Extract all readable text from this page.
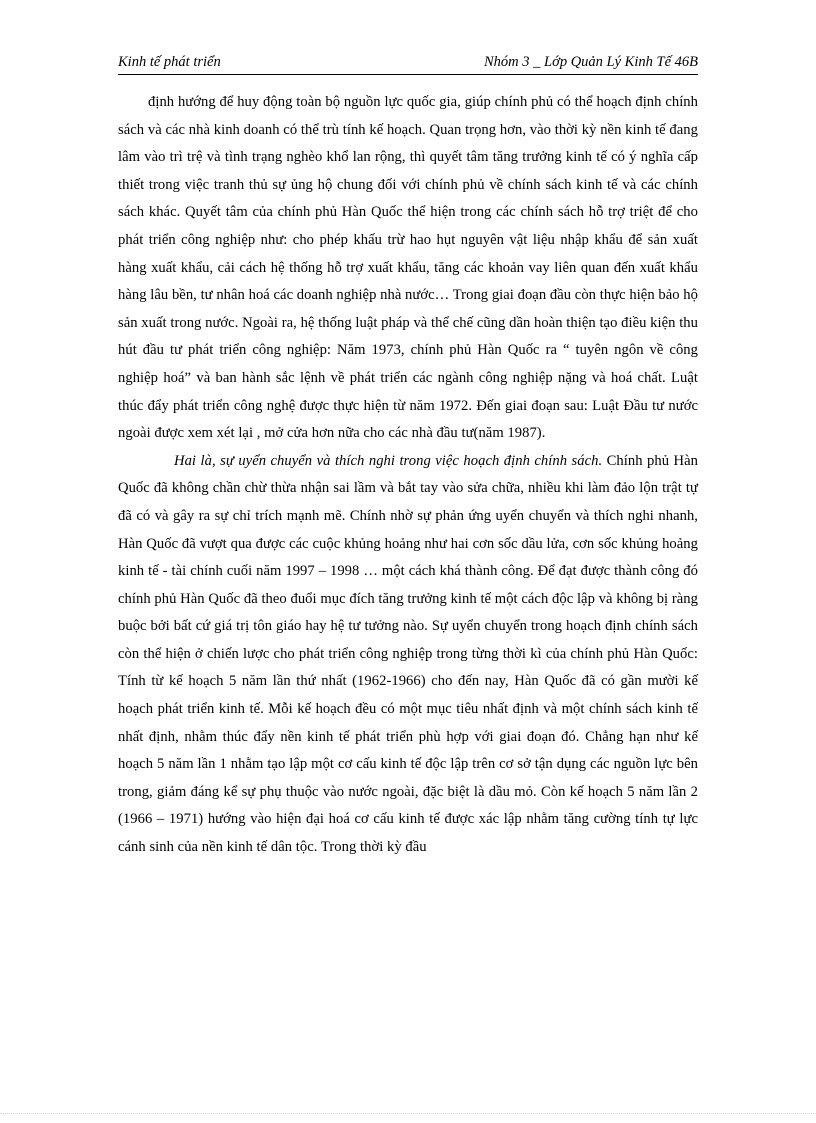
Kinh tế phát triển	Nhóm 3 _ Lớp Quản Lý Kinh Tế 46B

định hướng để huy động toàn bộ nguồn lực quốc gia, giúp chính phủ có thể hoạch định chính sách và các nhà kinh doanh có thể trù tính kế hoạch. Quan trọng hơn, vào thời kỳ nền kinh tế đang lâm vào trì trệ và tình trạng nghèo khổ lan rộng, thì quyết tâm tăng trưởng kinh tế có ý nghĩa cấp thiết trong việc tranh thủ sự ủng hộ chung đối với chính phủ về chính sách kinh tế và các chính sách khác. Quyết tâm của chính phủ Hàn Quốc thể hiện trong các chính sách hỗ trợ triệt để cho phát triển công nghiệp như: cho phép khấu trừ hao hụt nguyên vật liệu nhập khẩu để sản xuất hàng xuất khẩu, cải cách hệ thống hỗ trợ xuất khẩu, tăng các khoản vay liên quan đến xuất khẩu hàng lâu bền, tư nhân hoá các doanh nghiệp nhà nước… Trong giai đoạn đầu còn thực hiện bảo hộ sản xuất trong nước. Ngoài ra, hệ thống luật pháp và thể chế cũng dần hoàn thiện tạo điều kiện thu hút đầu tư phát triển công nghiệp: Năm 1973, chính phủ Hàn Quốc ra “ tuyên ngôn về công nghiệp hoá” và ban hành sắc lệnh về phát triển các ngành công nghiệp nặng và hoá chất. Luật thúc đẩy phát triển công nghệ được thực hiện từ năm 1972. Đến giai đoạn sau: Luật Đầu tư nước ngoài được xem xét lại , mở cửa hơn nữa cho các nhà đầu tư(năm 1987).

Hai là, sự uyển chuyển và thích nghi trong việc hoạch định chính sách. Chính phủ Hàn Quốc đã không chần chừ thừa nhận sai lầm và bắt tay vào sửa chữa, nhiều khi làm đảo lộn trật tự đã có và gây ra sự chỉ trích mạnh mẽ. Chính nhờ sự phản ứng uyển chuyển và thích nghi nhanh, Hàn Quốc đã vượt qua được các cuộc khủng hoảng như hai cơn sốc dầu lửa, cơn sốc khủng hoảng kinh tế - tài chính cuối năm 1997 – 1998 … một cách khá thành công. Để đạt được thành công đó chính phủ Hàn Quốc đã theo đuổi mục đích tăng trưởng kinh tế một cách độc lập và không bị ràng buộc bởi bất cứ giá trị tôn giáo hay hệ tư tưởng nào. Sự uyển chuyển trong hoạch định chính sách còn thể hiện ở chiến lược cho phát triển công nghiệp trong từng thời kì của chính phủ Hàn Quốc: Tính từ kế hoạch 5 năm lần thứ nhất (1962-1966) cho đến nay, Hàn Quốc đã có gần mười kế hoạch phát triển kinh tế. Mỗi kế hoạch đều có một mục tiêu nhất định và một chính sách kinh tế nhất định, nhằm thúc đẩy nền kinh tế phát triển phù hợp với giai đoạn đó. Chẳng hạn như kế hoạch 5 năm lần 1 nhằm tạo lập một cơ cấu kinh tế độc lập trên cơ sở tận dụng các nguồn lực bên trong, giảm đáng kể sự phụ thuộc vào nước ngoài, đặc biệt là dầu mỏ. Còn kế hoạch 5 năm lần 2 (1966 – 1971) hướng vào hiện đại hoá cơ cấu kinh tế được xác lập nhằm tăng cường tính tự lực cánh sinh của nền kinh tế dân tộc. Trong thời kỳ đầu
